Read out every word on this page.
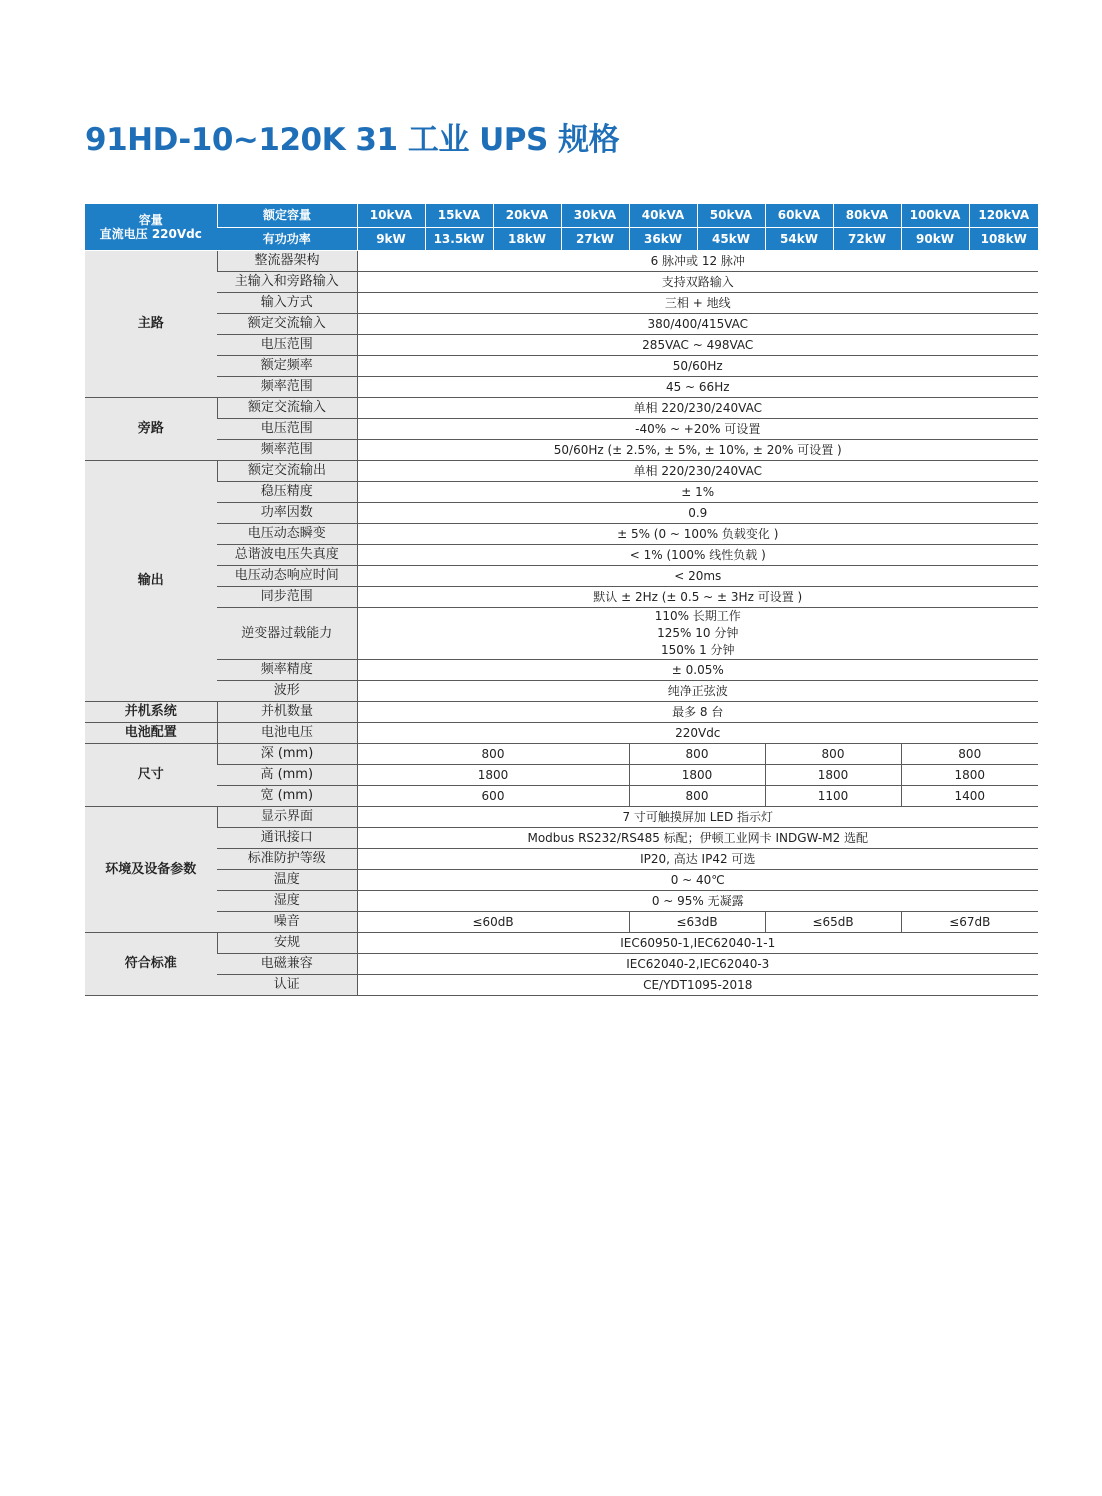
91HD-10~120K 31 工业 UPS 规格
容量
直流电压 220Vdc	额定容量	10kVA	15kVA	20kVA	30kVA	40kVA	50kVA	60kVA	80kVA	100kVA	120kVA
	有功功率	9kW	13.5kW	18kW	27kW	36kW	45kW	54kW	72kW	90kW	108kW
主路	整流器架构	6 脉冲或 12 脉冲									
	主输入和旁路输入	支持双路输入									
	输入方式	三相 + 地线									
	额定交流输入	380/400/415VAC									
	电压范围	285VAC ~ 498VAC									
	额定频率	50/60Hz									
	频率范围	45 ~ 66Hz									
旁路	额定交流输入	单相 220/230/240VAC									
	电压范围	-40% ~ +20% 可设置									
	频率范围	50/60Hz (± 2.5%, ± 5%, ± 10%, ± 20% 可设置 )									
输出	额定交流输出	单相 220/230/240VAC									
	稳压精度	± 1%									
	功率因数	0.9									
	电压动态瞬变	± 5% (0 ~ 100% 负载变化 )									
	总谐波电压失真度	< 1% (100% 线性负载 )									
	电压动态响应时间	< 20ms									
	同步范围	默认 ± 2Hz (± 0.5 ~ ± 3Hz 可设置 )									
	逆变器过载能力	110% 长期工作
125% 10 分钟
150% 1 分钟									

	频率精度	± 0.05%									
	波形	纯净正弦波									
并机系统	并机数量	最多 8 台									
电池配置	电池电压	220Vdc									
尺寸	深 (mm)	800				800		800		800	
	高 (mm)	1800				1800		1800		1800	
	宽 (mm)	600				800		1100		1400	
环境及设备参数	显示界面	7 寸可触摸屏加 LED 指示灯									
	通讯接口	Modbus RS232/RS485 标配；伊顿工业网卡 INDGW-M2 选配									
	标准防护等级	IP20, 高达 IP42 可选									
	温度	0 ~ 40℃									
	湿度	0 ~ 95% 无凝露									
	噪音	≤60dB				≤63dB		≤65dB		≤67dB	
符合标准	安规	IEC60950-1,IEC62040-1-1									
	电磁兼容	IEC62040-2,IEC62040-3									
	认证	CE/YDT1095-2018									
